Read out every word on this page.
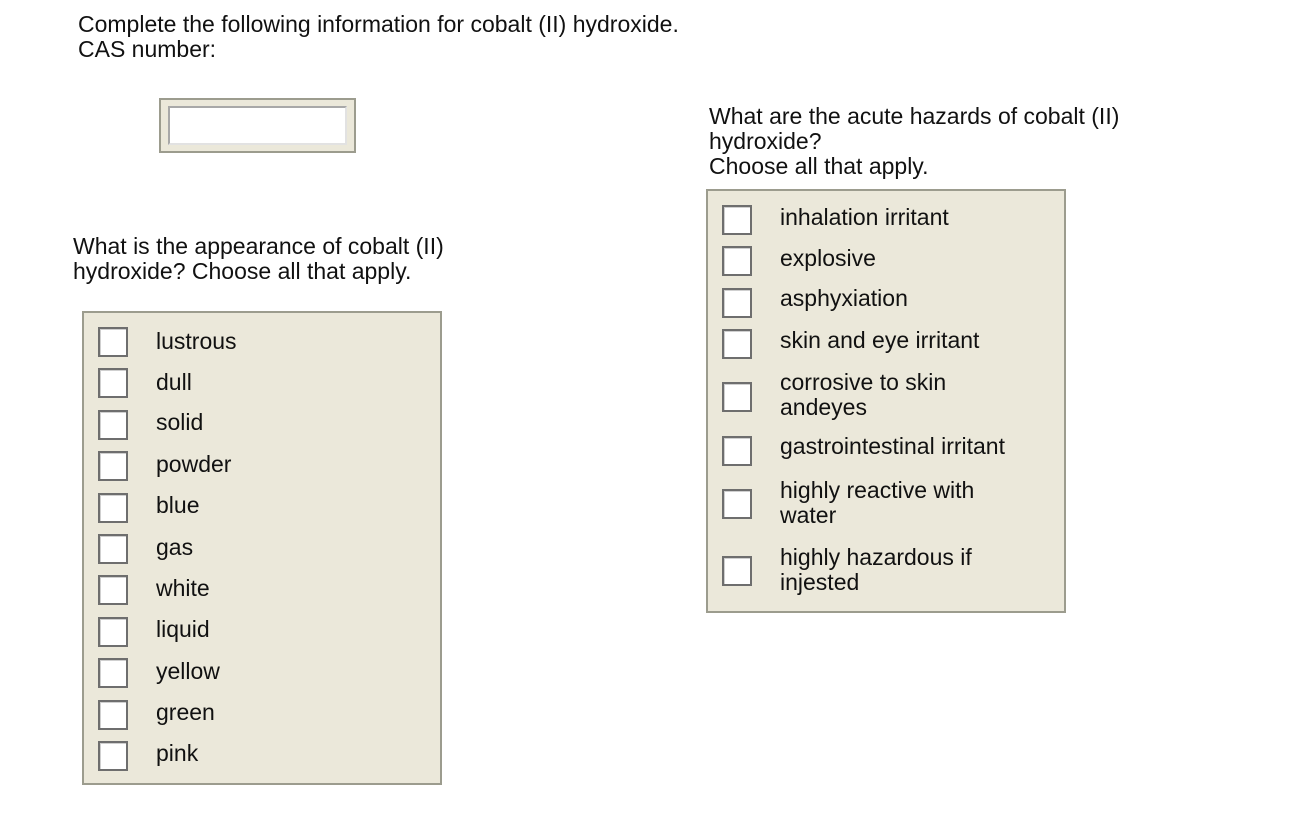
Complete the following information for cobalt (II) hydroxide.
CAS number:
What is the appearance of cobalt (II)
hydroxide? Choose all that apply.
lustrous
dull
solid
powder
blue
gas
white
liquid
yellow
green
pink
What are the acute hazards of cobalt (II)
hydroxide?
Choose all that apply.
inhalation irritant
explosive
asphyxiation
skin and eye irritant
corrosive to skin
andeyes
gastrointestinal irritant
highly reactive with
water
highly hazardous if
injested
